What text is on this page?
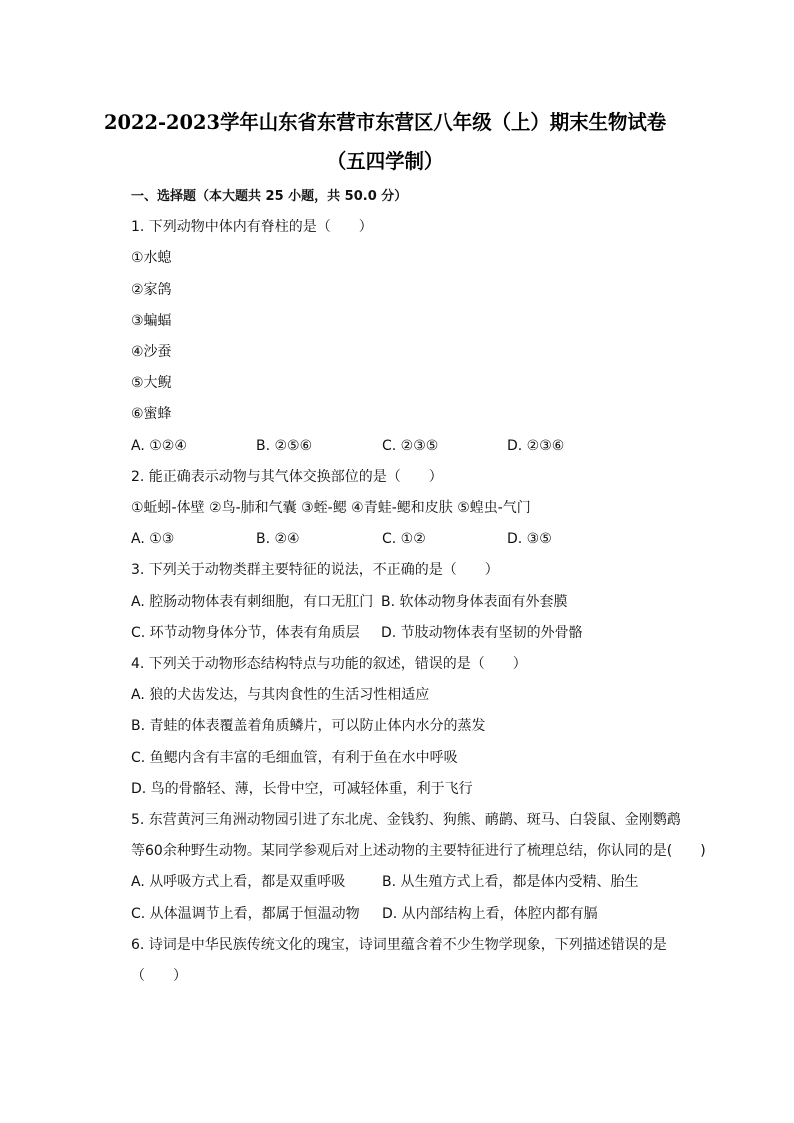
2022-2023学年山东省东营市东营区八年级（上）期末生物试卷
（五四学制）
一、选择题（本大题共 25 小题，共 50.0 分）
1. 下列动物中体内有脊柱的是（　　）
①水螅
②家鸽
③蝙蝠
④沙蚕
⑤大鲵
⑥蜜蜂
A. ①②④	B. ②⑤⑥	C. ②③⑤	D. ②③⑥
2. 能正确表示动物与其气体交换部位的是（　　）
①蚯蚓-体壁 ②鸟-肺和气囊 ③蛭-鳃 ④青蛙-鳃和皮肤 ⑤蝗虫-气门
A. ①③	B. ②④	C. ①②	D. ③⑤
3. 下列关于动物类群主要特征的说法，不正确的是（　　）
A. 腔肠动物体表有刺细胞，有口无肛门 B. 软体动物身体表面有外套膜
C. 环节动物身体分节，体表有角质层 D. 节肢动物体表有坚韧的外骨骼
4. 下列关于动物形态结构特点与功能的叙述，错误的是（　　）
A. 狼的犬齿发达，与其肉食性的生活习性相适应
B. 青蛙的体表覆盖着角质鳞片，可以防止体内水分的蒸发
C. 鱼鳃内含有丰富的毛细血管，有利于鱼在水中呼吸
D. 鸟的骨骼轻、薄，长骨中空，可减轻体重，利于飞行
5. 东营黄河三角洲动物园引进了东北虎、金钱豹、狗熊、鸸鹋、斑马、白袋鼠、金刚鹦鹉
等60余种野生动物。某同学参观后对上述动物的主要特征进行了梳理总结，你认同的是(　　)
A. 从呼吸方式上看，都是双重呼吸	B. 从生殖方式上看，都是体内受精、胎生
C. 从体温调节上看，都属于恒温动物 D. 从内部结构上看，体腔内都有膈
6. 诗词是中华民族传统文化的瑰宝，诗词里蕴含着不少生物学现象，下列描述错误的是
（　　）
